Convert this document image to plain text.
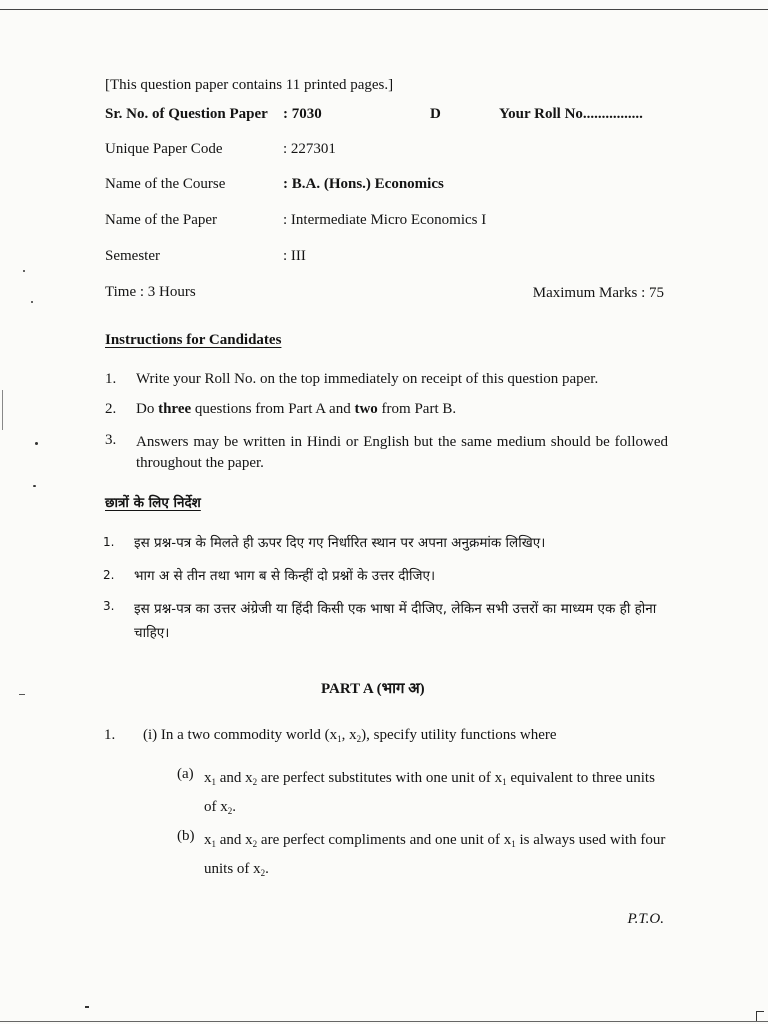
[This question paper contains 11 printed pages.]
Sr. No. of Question Paper : 7030	D	Your Roll No................
Unique Paper Code	: 227301
Name of the Course	: B.A. (Hons.) Economics
Name of the Paper	: Intermediate Micro Economics I
Semester	: III
Time : 3 Hours	Maximum Marks : 75
Instructions for Candidates
1. Write your Roll No. on the top immediately on receipt of this question paper.
2. Do three questions from Part A and two from Part B.
3. Answers may be written in Hindi or English but the same medium should be followed throughout the paper.
छात्रों के लिए निर्देश
1. इस प्रश्न-पत्र के मिलते ही ऊपर दिए गए निर्धारित स्थान पर अपना अनुक्रमांक लिखिए।
2. भाग अ से तीन तथा भाग ब से किन्हीं दो प्रश्नों के उत्तर दीजिए।
3. इस प्रश्न-पत्र का उत्तर अंग्रेजी या हिंदी किसी एक भाषा में दीजिए, लेकिन सभी उत्तरों का माध्यम एक ही होना चाहिए।
PART A (भाग अ)
1. (i) In a two commodity world ($x_1$, $x_2$), specify utility functions where
(a) $x_1$ and $x_2$ are perfect substitutes with one unit of $x_1$ equivalent to three units of $x_2$.
(b) $x_1$ and $x_2$ are perfect compliments and one unit of $x_1$ is always used with four units of $x_2$.
P.T.O.
